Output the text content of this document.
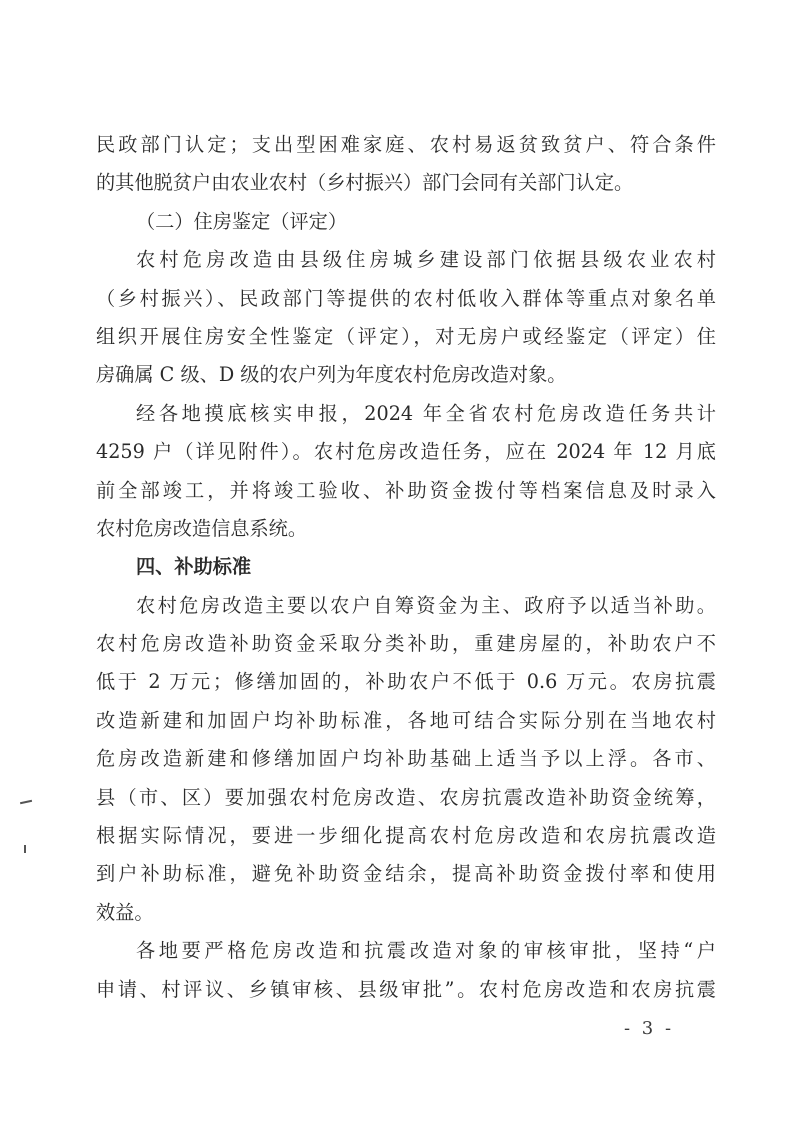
民政部门认定；支出型困难家庭、农村易返贫致贫户、符合条件
的其他脱贫户由农业农村（乡村振兴）部门会同有关部门认定。
（二）住房鉴定（评定）
农村危房改造由县级住房城乡建设部门依据县级农业农村
（乡村振兴）、民政部门等提供的农村低收入群体等重点对象名单
组织开展住房安全性鉴定（评定），对无房户或经鉴定（评定）住
房确属 C 级、D 级的农户列为年度农村危房改造对象。
经各地摸底核实申报，2024 年全省农村危房改造任务共计
4259 户（详见附件）。农村危房改造任务，应在 2024 年 12 月底
前全部竣工，并将竣工验收、补助资金拨付等档案信息及时录入
农村危房改造信息系统。
四、补助标准
农村危房改造主要以农户自筹资金为主、政府予以适当补助。
农村危房改造补助资金采取分类补助，重建房屋的，补助农户不
低于 2 万元；修缮加固的，补助农户不低于 0.6 万元。农房抗震
改造新建和加固户均补助标准，各地可结合实际分别在当地农村
危房改造新建和修缮加固户均补助基础上适当予以上浮。各市、
县（市、区）要加强农村危房改造、农房抗震改造补助资金统筹，
根据实际情况，要进一步细化提高农村危房改造和农房抗震改造
到户补助标准，避免补助资金结余，提高补助资金拨付率和使用
效益。
各地要严格危房改造和抗震改造对象的审核审批，坚持“户
申请、村评议、乡镇审核、县级审批”。农村危房改造和农房抗震
- 3 -
